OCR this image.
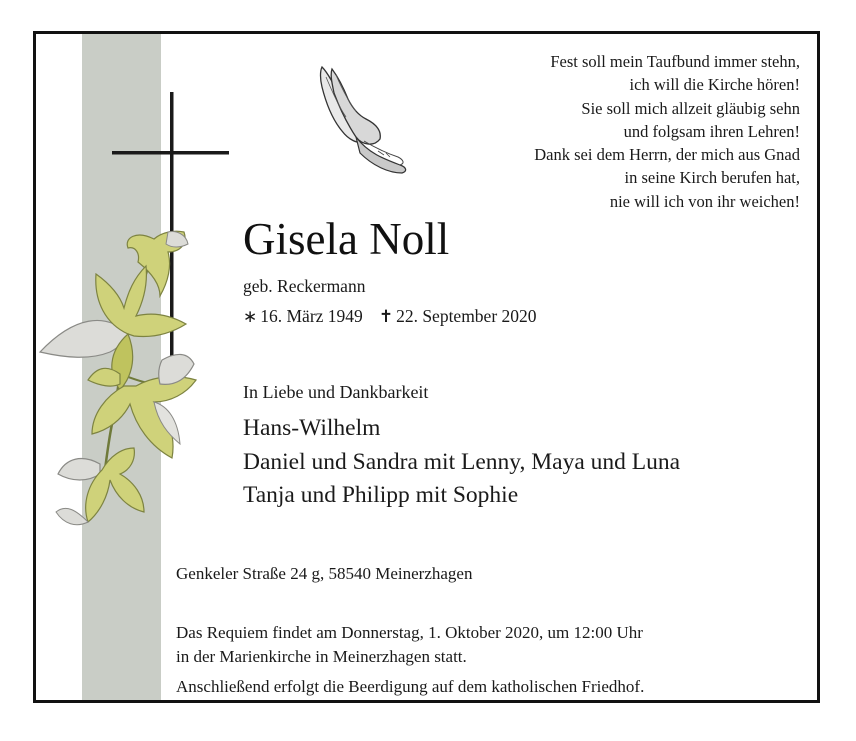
Fest soll mein Taufbund immer stehn,
ich will die Kirche hören!
Sie soll mich allzeit gläubig sehn
und folgsam ihren Lehren!
Dank sei dem Herrn, der mich aus Gnad
in seine Kirch berufen hat,
nie will ich von ihr weichen!
Gisela Noll
geb. Reckermann
∗ 16. März 1949 ✝ 22. September 2020
In Liebe und Dankbarkeit
Hans-Wilhelm
Daniel und Sandra mit Lenny, Maya und Luna
Tanja und Philipp mit Sophie
Genkeler Straße 24 g, 58540 Meinerzhagen
Das Requiem findet am Donnerstag, 1. Oktober 2020, um 12:00 Uhr
in der Marienkirche in Meinerzhagen statt.
Anschließend erfolgt die Beerdigung auf dem katholischen Friedhof.
